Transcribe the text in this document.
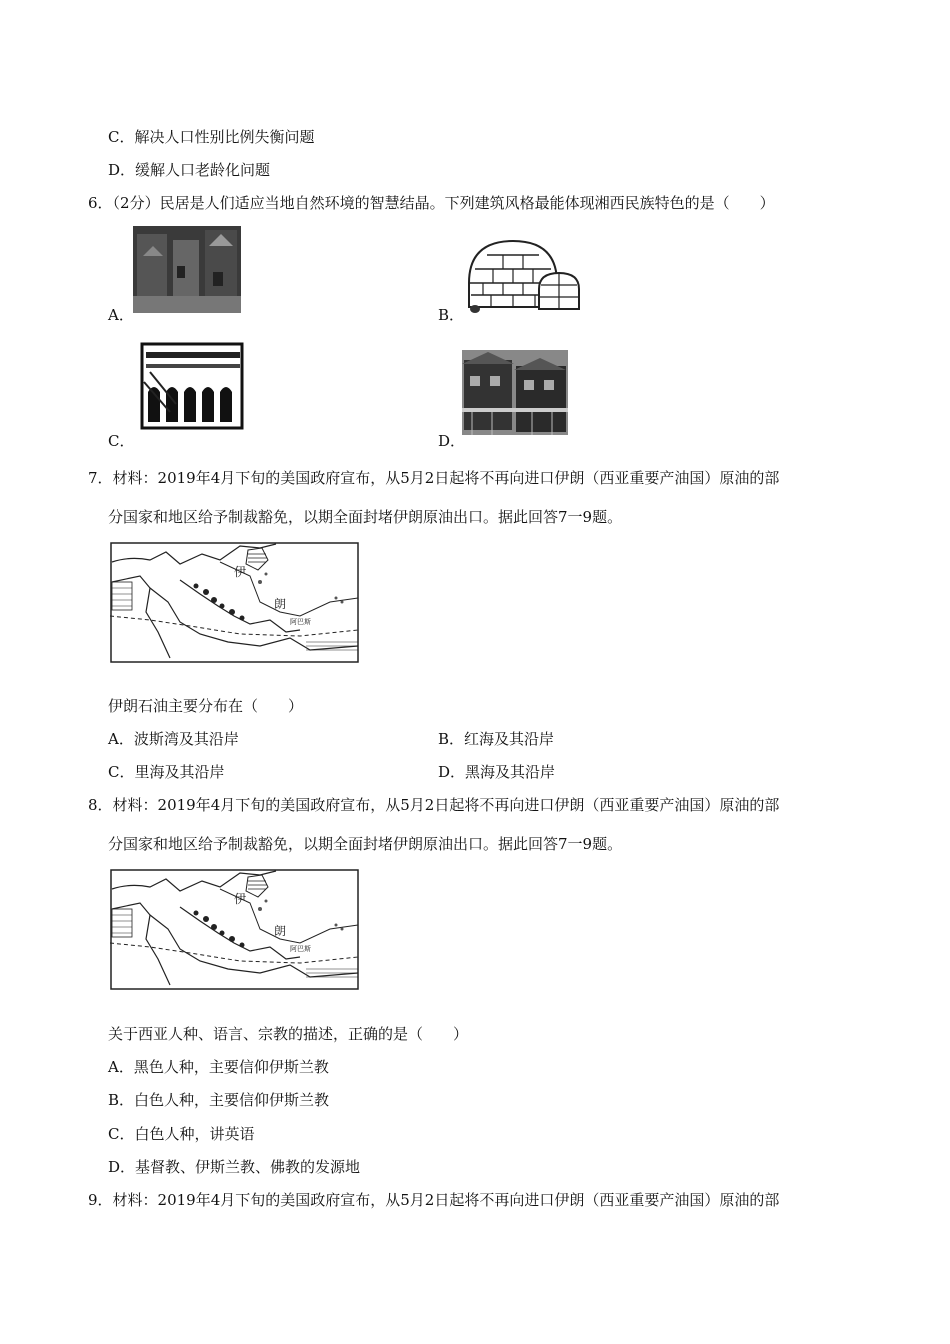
C．解决人口性别比例失衡问题
D．缓解人口老龄化问题
6．（2分）民居是人们适应当地自然环境的智慧结晶。下列建筑风格最能体现湘西民族特色的是（　　）
A．	B．
C．	D．
7．材料：2019年4月下旬的美国政府宣布，从5月2日起将不再向进口伊朗（西亚重要产油国）原油的部
分国家和地区给予制裁豁免，以期全面封堵伊朗原油出口。据此回答7一9题。
伊
朗
阿巴斯
伊朗石油主要分布在（　　）
A．波斯湾及其沿岸	B．红海及其沿岸
C．里海及其沿岸	D．黑海及其沿岸
8．材料：2019年4月下旬的美国政府宣布，从5月2日起将不再向进口伊朗（西亚重要产油国）原油的部
分国家和地区给予制裁豁免，以期全面封堵伊朗原油出口。据此回答7一9题。
伊
朗
阿巴斯
关于西亚人种、语言、宗教的描述，正确的是（　　）
A．黑色人种，主要信仰伊斯兰教
B．白色人种，主要信仰伊斯兰教
C．白色人种，讲英语
D．基督教、伊斯兰教、佛教的发源地
9．材料：2019年4月下旬的美国政府宣布，从5月2日起将不再向进口伊朗（西亚重要产油国）原油的部
